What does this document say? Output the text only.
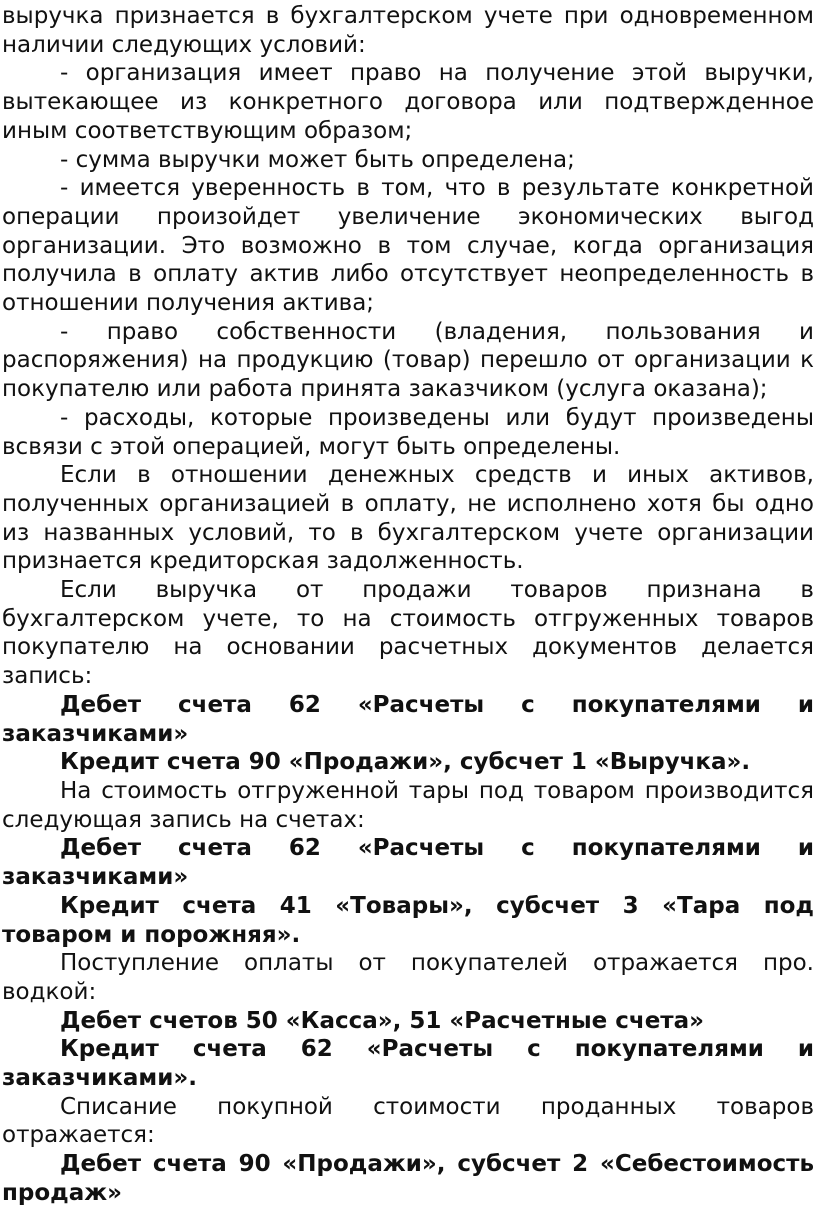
выручка признается в бухгалтерском учете при одновременном наличии следующих условий:

- организация имеет право на получение этой выручки, вытекающее из конкретного договора или подтвержденное иным соответствующим образом;

- сумма выручки может быть определена;

- имеется уверенность в том, что в результате конкретной операции произойдет увеличение экономических выгод организации. Это возможно в том случае, когда организация получила в оплату актив либо отсутствует неопределенность в отношении получения актива;

- право собственности (владения, пользования и распоряжения) на продукцию (товар) перешло от организации к покупателю или работа принята заказчиком (услуга оказана);

- расходы, которые произведены или будут произведены всвязи с этой операцией, могут быть определены.

Если в отношении денежных средств и иных активов, полученных организацией в оплату, не исполнено хотя бы одно из названных условий, то в бухгалтерском учете организации признается кредиторская задолженность.

Если выручка от продажи товаров признана в бухгалтерском учете, то на стоимость отгруженных товаров покупателю на основании расчетных документов делается запись:

Дебет счета 62 «Расчеты с покупателями и заказчиками»

Кредит счета 90 «Продажи», субсчет 1 «Выручка».

На стоимость отгруженной тары под товаром производится следующая запись на счетах:

Дебет счета 62 «Расчеты с покупателями и заказчиками»

Кредит счета 41 «Товары», субсчет 3 «Тара под товаром и порожняя».

Поступление оплаты от покупателей отражается про. водкой:

Дебет счетов 50 «Касса», 51 «Расчетные счета»

Кредит счета 62 «Расчеты с покупателями и заказчиками».

Списание покупной стоимости проданных товаров отражается:

Дебет счета 90 «Продажи», субсчет 2 «Себестоимость продаж»
